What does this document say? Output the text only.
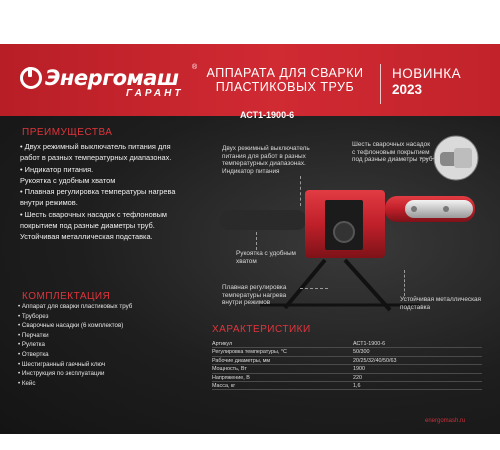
Энергомаш ®
ГАРАНТ
АППАРАТА ДЛЯ СВАРКИ
ПЛАСТИКОВЫХ ТРУБ
НОВИНКА
2023
АСТ1-1900-6
ПРЕИМУЩЕСТВА
• Двух режимный выключатель питания для
работ в разных температурных диапазонах.
• Индикатор питания.
Рукоятка с удобным хватом
• Плавная регулировка температуры нагрева
внутри режимов.
• Шесть сварочных насадок с тефлоновым
покрытием под разные диаметры труб.
Устойчивая металлическая подставка.
Двух режимный выключатель
питания для работ в разных
температурных диапазонах.
Индикатор питания
Шесть сварочных насадок
с тефлоновым покрытием
под разные диаметры труб
Рукоятка с удобным
хватом
Плавная регулировка
температуры нагрева
внутри режимов	Устойчивая металлическая
подставка
КОМПЛЕКТАЦИЯ
• Аппарат для сварки пластиковых труб
• Труборез
• Сварочные насадки (6 комплектов)
• Перчатки
• Рулетка
• Отвертка
• Шестигранный гаечный ключ
• Инструкция по эксплуатации
• Кейс
ХАРАКТЕРИСТИКИ
Артикул	АСТ1-1900-6
Регулировка температуры, °С	50/300
Рабочие диаметры, мм	20/25/32/40/50/63
Мощность, Вт	1900
Напряжение, В	220
Масса, кг	1,6
energomash.ru
